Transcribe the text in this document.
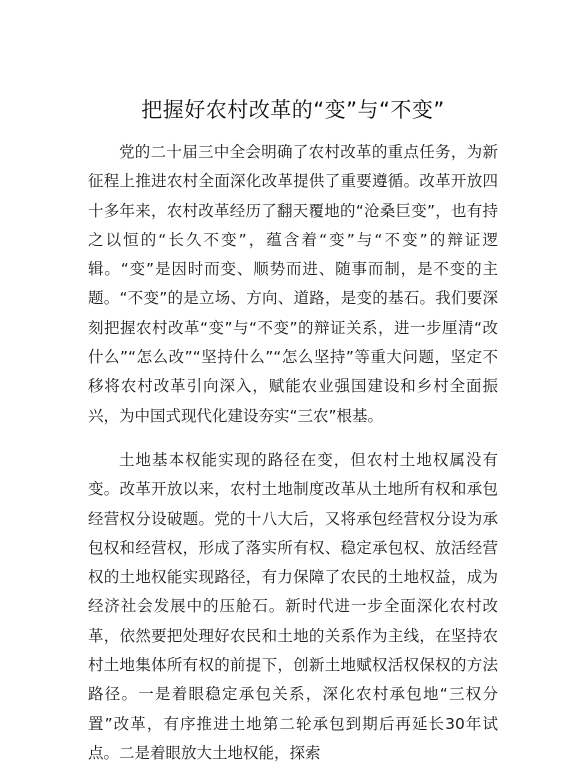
把握好农村改革的“变”与“不变”

党的二十届三中全会明确了农村改革的重点任务，为新征程上推进农村全面深化改革提供了重要遵循。改革开放四十多年来，农村改革经历了翻天覆地的“沧桑巨变”，也有持之以恒的“长久不变”，蕴含着“变”与“不变”的辩证逻辑。“变”是因时而变、顺势而进、随事而制，是不变的主题。“不变”的是立场、方向、道路，是变的基石。我们要深刻把握农村改革“变”与“不变”的辩证关系，进一步厘清“改什么”“怎么改”“坚持什么”“怎么坚持”等重大问题，坚定不移将农村改革引向深入，赋能农业强国建设和乡村全面振兴，为中国式现代化建设夯实“三农”根基。

土地基本权能实现的路径在变，但农村土地权属没有变。改革开放以来，农村土地制度改革从土地所有权和承包经营权分设破题。党的十八大后，又将承包经营权分设为承包权和经营权，形成了落实所有权、稳定承包权、放活经营权的土地权能实现路径，有力保障了农民的土地权益，成为经济社会发展中的压舱石。新时代进一步全面深化农村改革，依然要把处理好农民和土地的关系作为主线，在坚持农村土地集体所有权的前提下，创新土地赋权活权保权的方法路径。一是着眼稳定承包关系，深化农村承包地“三权分置”改革，有序推进土地第二轮承包到期后再延长30年试点。二是着眼放大土地权能，探索
